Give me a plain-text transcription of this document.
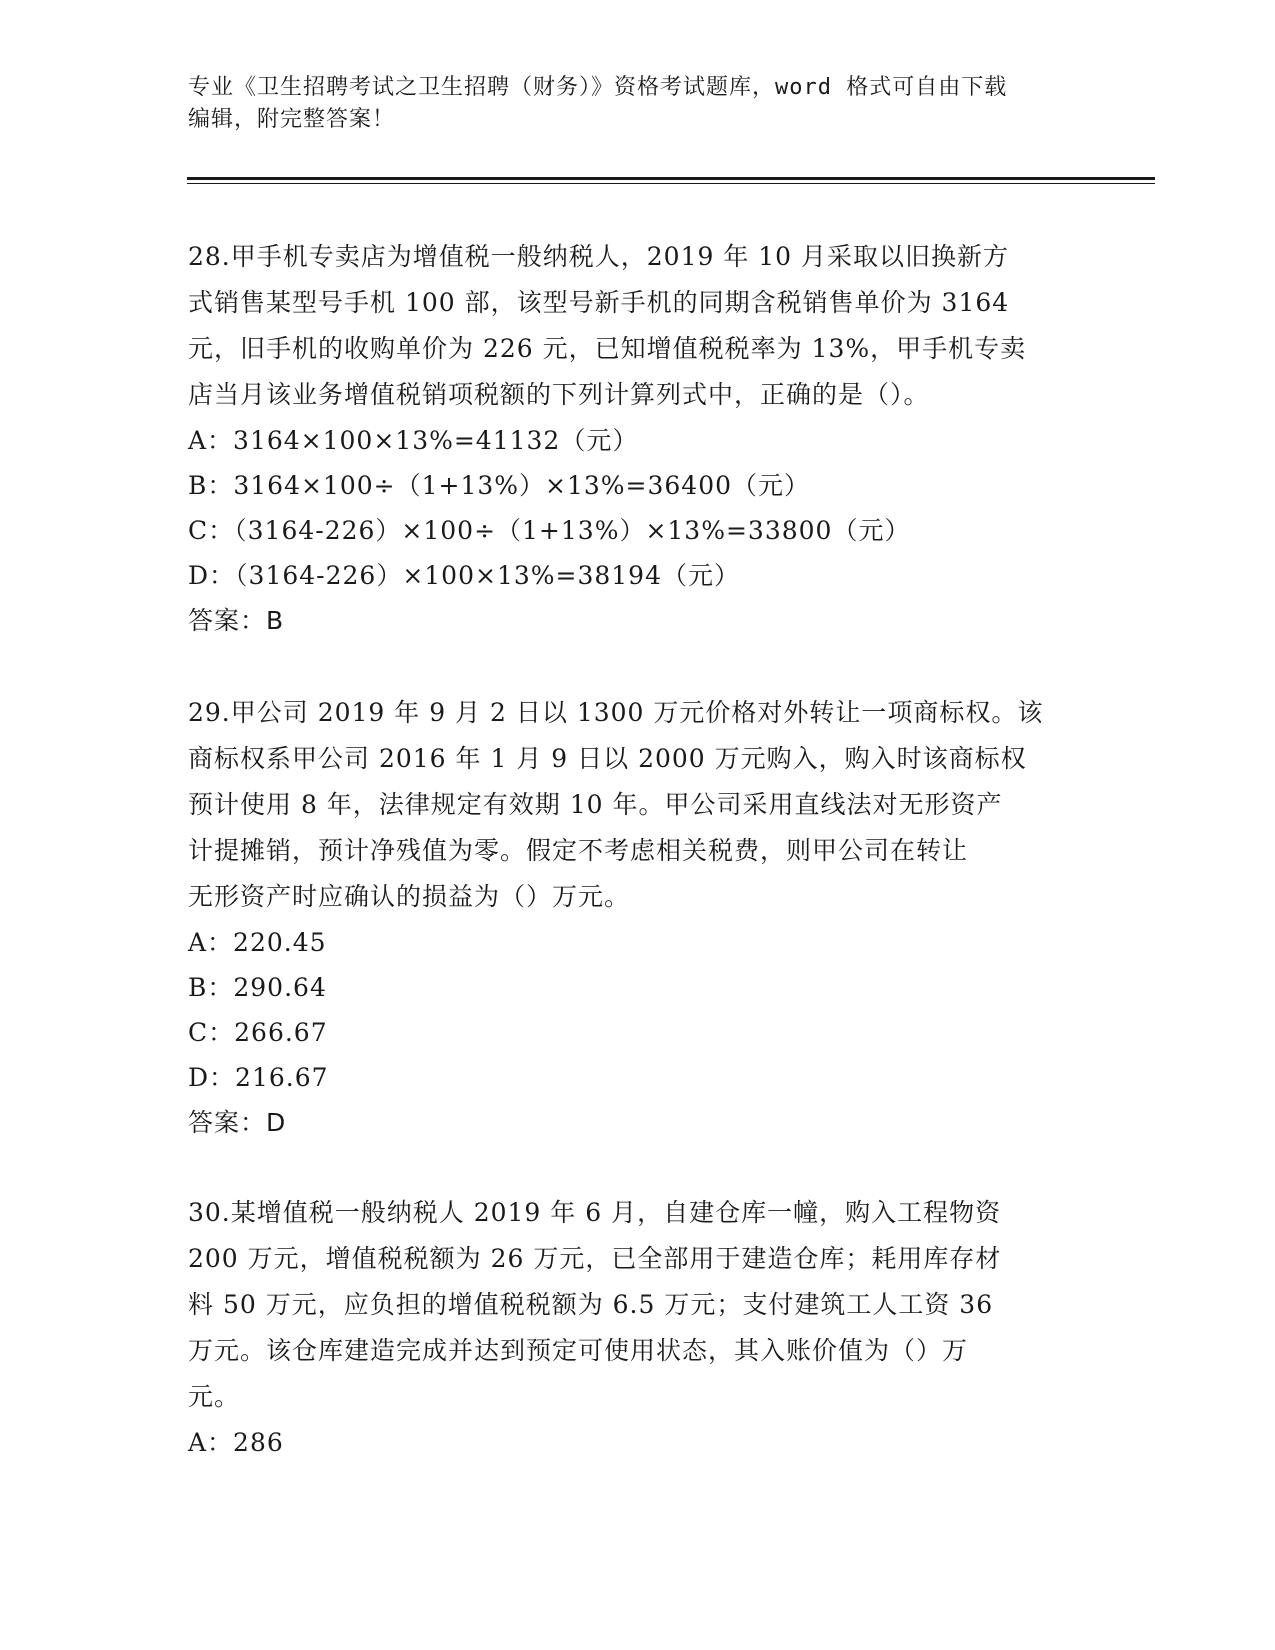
专业《卫生招聘考试之卫生招聘（财务）》资格考试题库，word 格式可自由下载
编辑，附完整答案！
28.甲手机专卖店为增值税一般纳税人，2019 年 10 月采取以旧换新方
式销售某型号手机 100 部，该型号新手机的同期含税销售单价为 3164
元，旧手机的收购单价为 226 元，已知增值税税率为 13%，甲手机专卖
店当月该业务增值税销项税额的下列计算列式中，正确的是（）。
A：3164×100×13%=41132（元）
B：3164×100÷（1+13%）×13%=36400（元）
C：（3164-226）×100÷（1+13%）×13%=33800（元）
D：（3164-226）×100×13%=38194（元）
答案：B
29.甲公司 2019 年 9 月 2 日以 1300 万元价格对外转让一项商标权。该
商标权系甲公司 2016 年 1 月 9 日以 2000 万元购入，购入时该商标权
预计使用 8 年，法律规定有效期 10 年。甲公司采用直线法对无形资产
计提摊销，预计净残值为零。假定不考虑相关税费，则甲公司在转让
无形资产时应确认的损益为（）万元。
A：220.45
B：290.64
C：266.67
D：216.67
答案：D
30.某增值税一般纳税人 2019 年 6 月，自建仓库一幢，购入工程物资
200 万元，增值税税额为 26 万元，已全部用于建造仓库；耗用库存材
料 50 万元，应负担的增值税税额为 6.5 万元；支付建筑工人工资 36
万元。该仓库建造完成并达到预定可使用状态，其入账价值为（）万
元。
A：286
